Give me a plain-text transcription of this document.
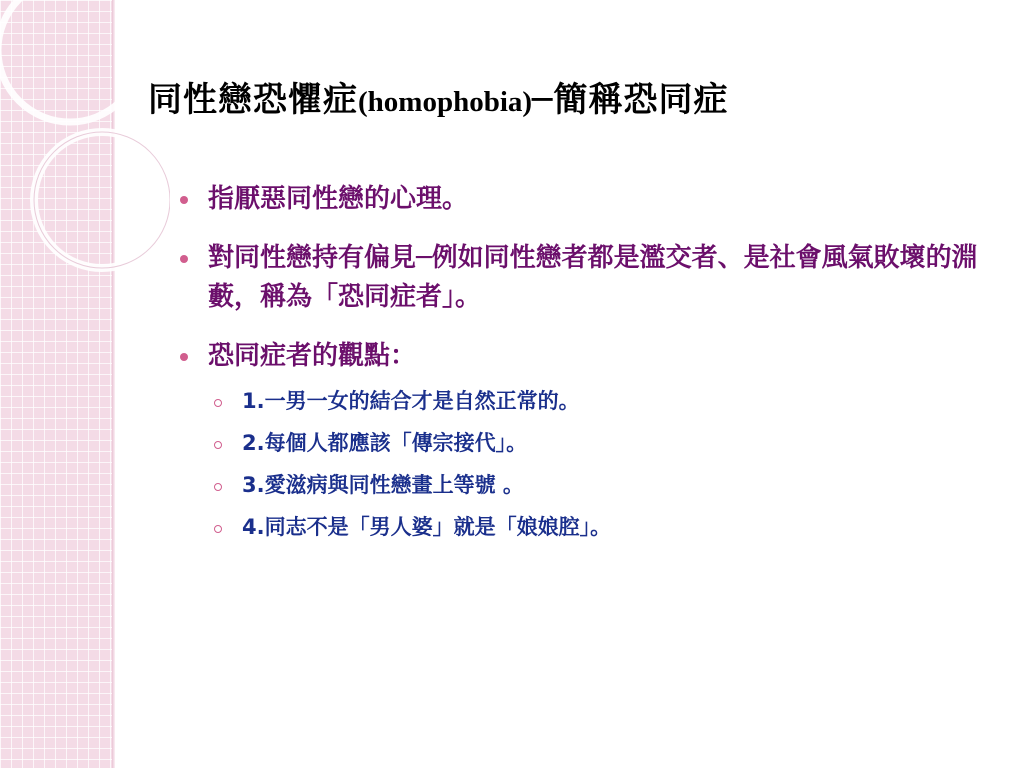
同性戀恐懼症(homophobia)─簡稱恐同症
指厭惡同性戀的心理。
對同性戀持有偏見─例如同性戀者都是濫交者、是社會風氣敗壞的淵藪，稱為「恐同症者」。
恐同症者的觀點：
1.一男一女的結合才是自然正常的。
2.每個人都應該「傳宗接代」。
3.愛滋病與同性戀畫上等號 。
4.同志不是「男人婆」就是「娘娘腔」。
